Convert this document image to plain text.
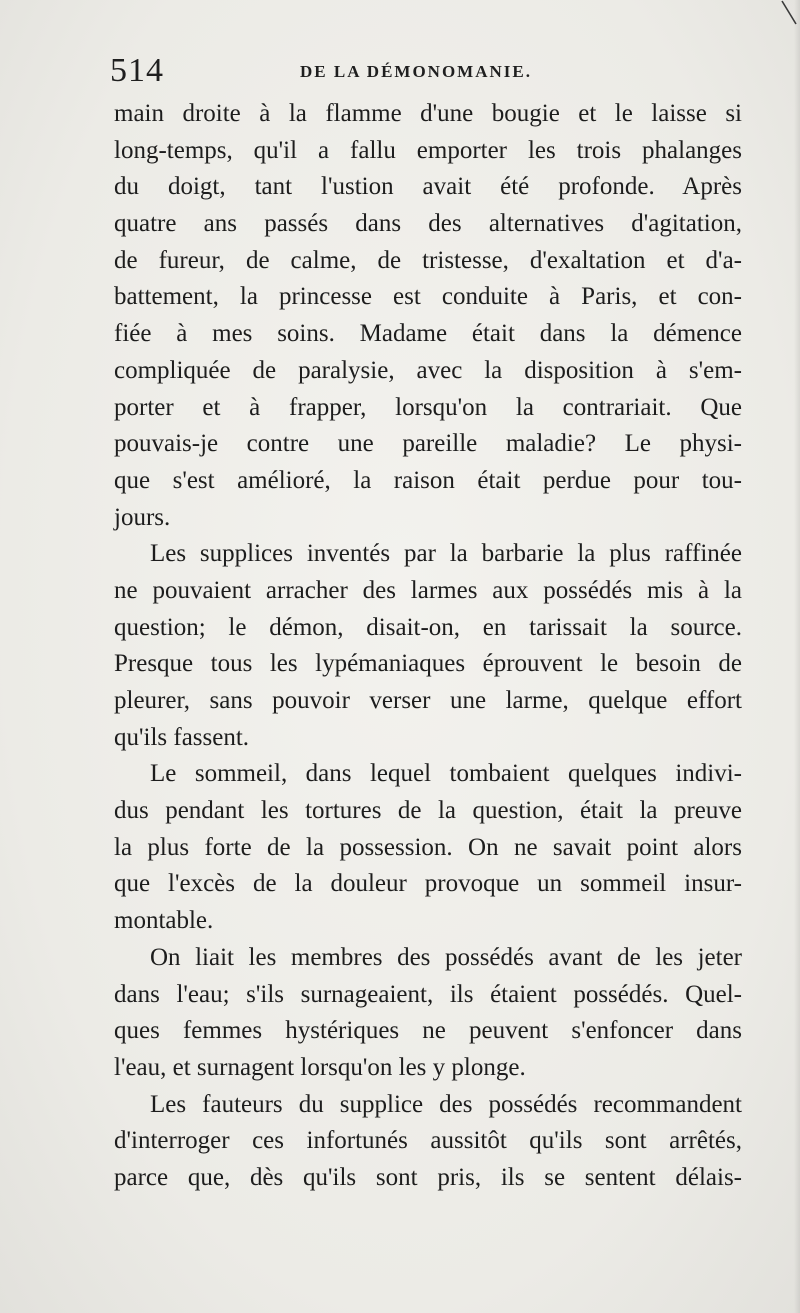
514	DE LA DÉMONOMANIE.
main droite à la flamme d'une bougie et le laisse si
long-temps, qu'il a fallu emporter les trois phalanges
du doigt, tant l'ustion avait été profonde. Après
quatre ans passés dans des alternatives d'agitation,
de fureur, de calme, de tristesse, d'exaltation et d'a-
battement, la princesse est conduite à Paris, et con-
fiée à mes soins. Madame était dans la démence
compliquée de paralysie, avec la disposition à s'em-
porter et à frapper, lorsqu'on la contrariait. Que
pouvais-je contre une pareille maladie? Le physi-
que s'est amélioré, la raison était perdue pour tou-
jours.
Les supplices inventés par la barbarie la plus raffinée
ne pouvaient arracher des larmes aux possédés mis à la
question; le démon, disait-on, en tarissait la source.
Presque tous les lypémaniaques éprouvent le besoin de
pleurer, sans pouvoir verser une larme, quelque effort
qu'ils fassent.
Le sommeil, dans lequel tombaient quelques indivi-
dus pendant les tortures de la question, était la preuve
la plus forte de la possession. On ne savait point alors
que l'excès de la douleur provoque un sommeil insur-
montable.
On liait les membres des possédés avant de les jeter
dans l'eau; s'ils surnageaient, ils étaient possédés. Quel-
ques femmes hystériques ne peuvent s'enfoncer dans
l'eau, et surnagent lorsqu'on les y plonge.
Les fauteurs du supplice des possédés recommandent
d'interroger ces infortunés aussitôt qu'ils sont arrêtés,
parce que, dès qu'ils sont pris, ils se sentent délais-
